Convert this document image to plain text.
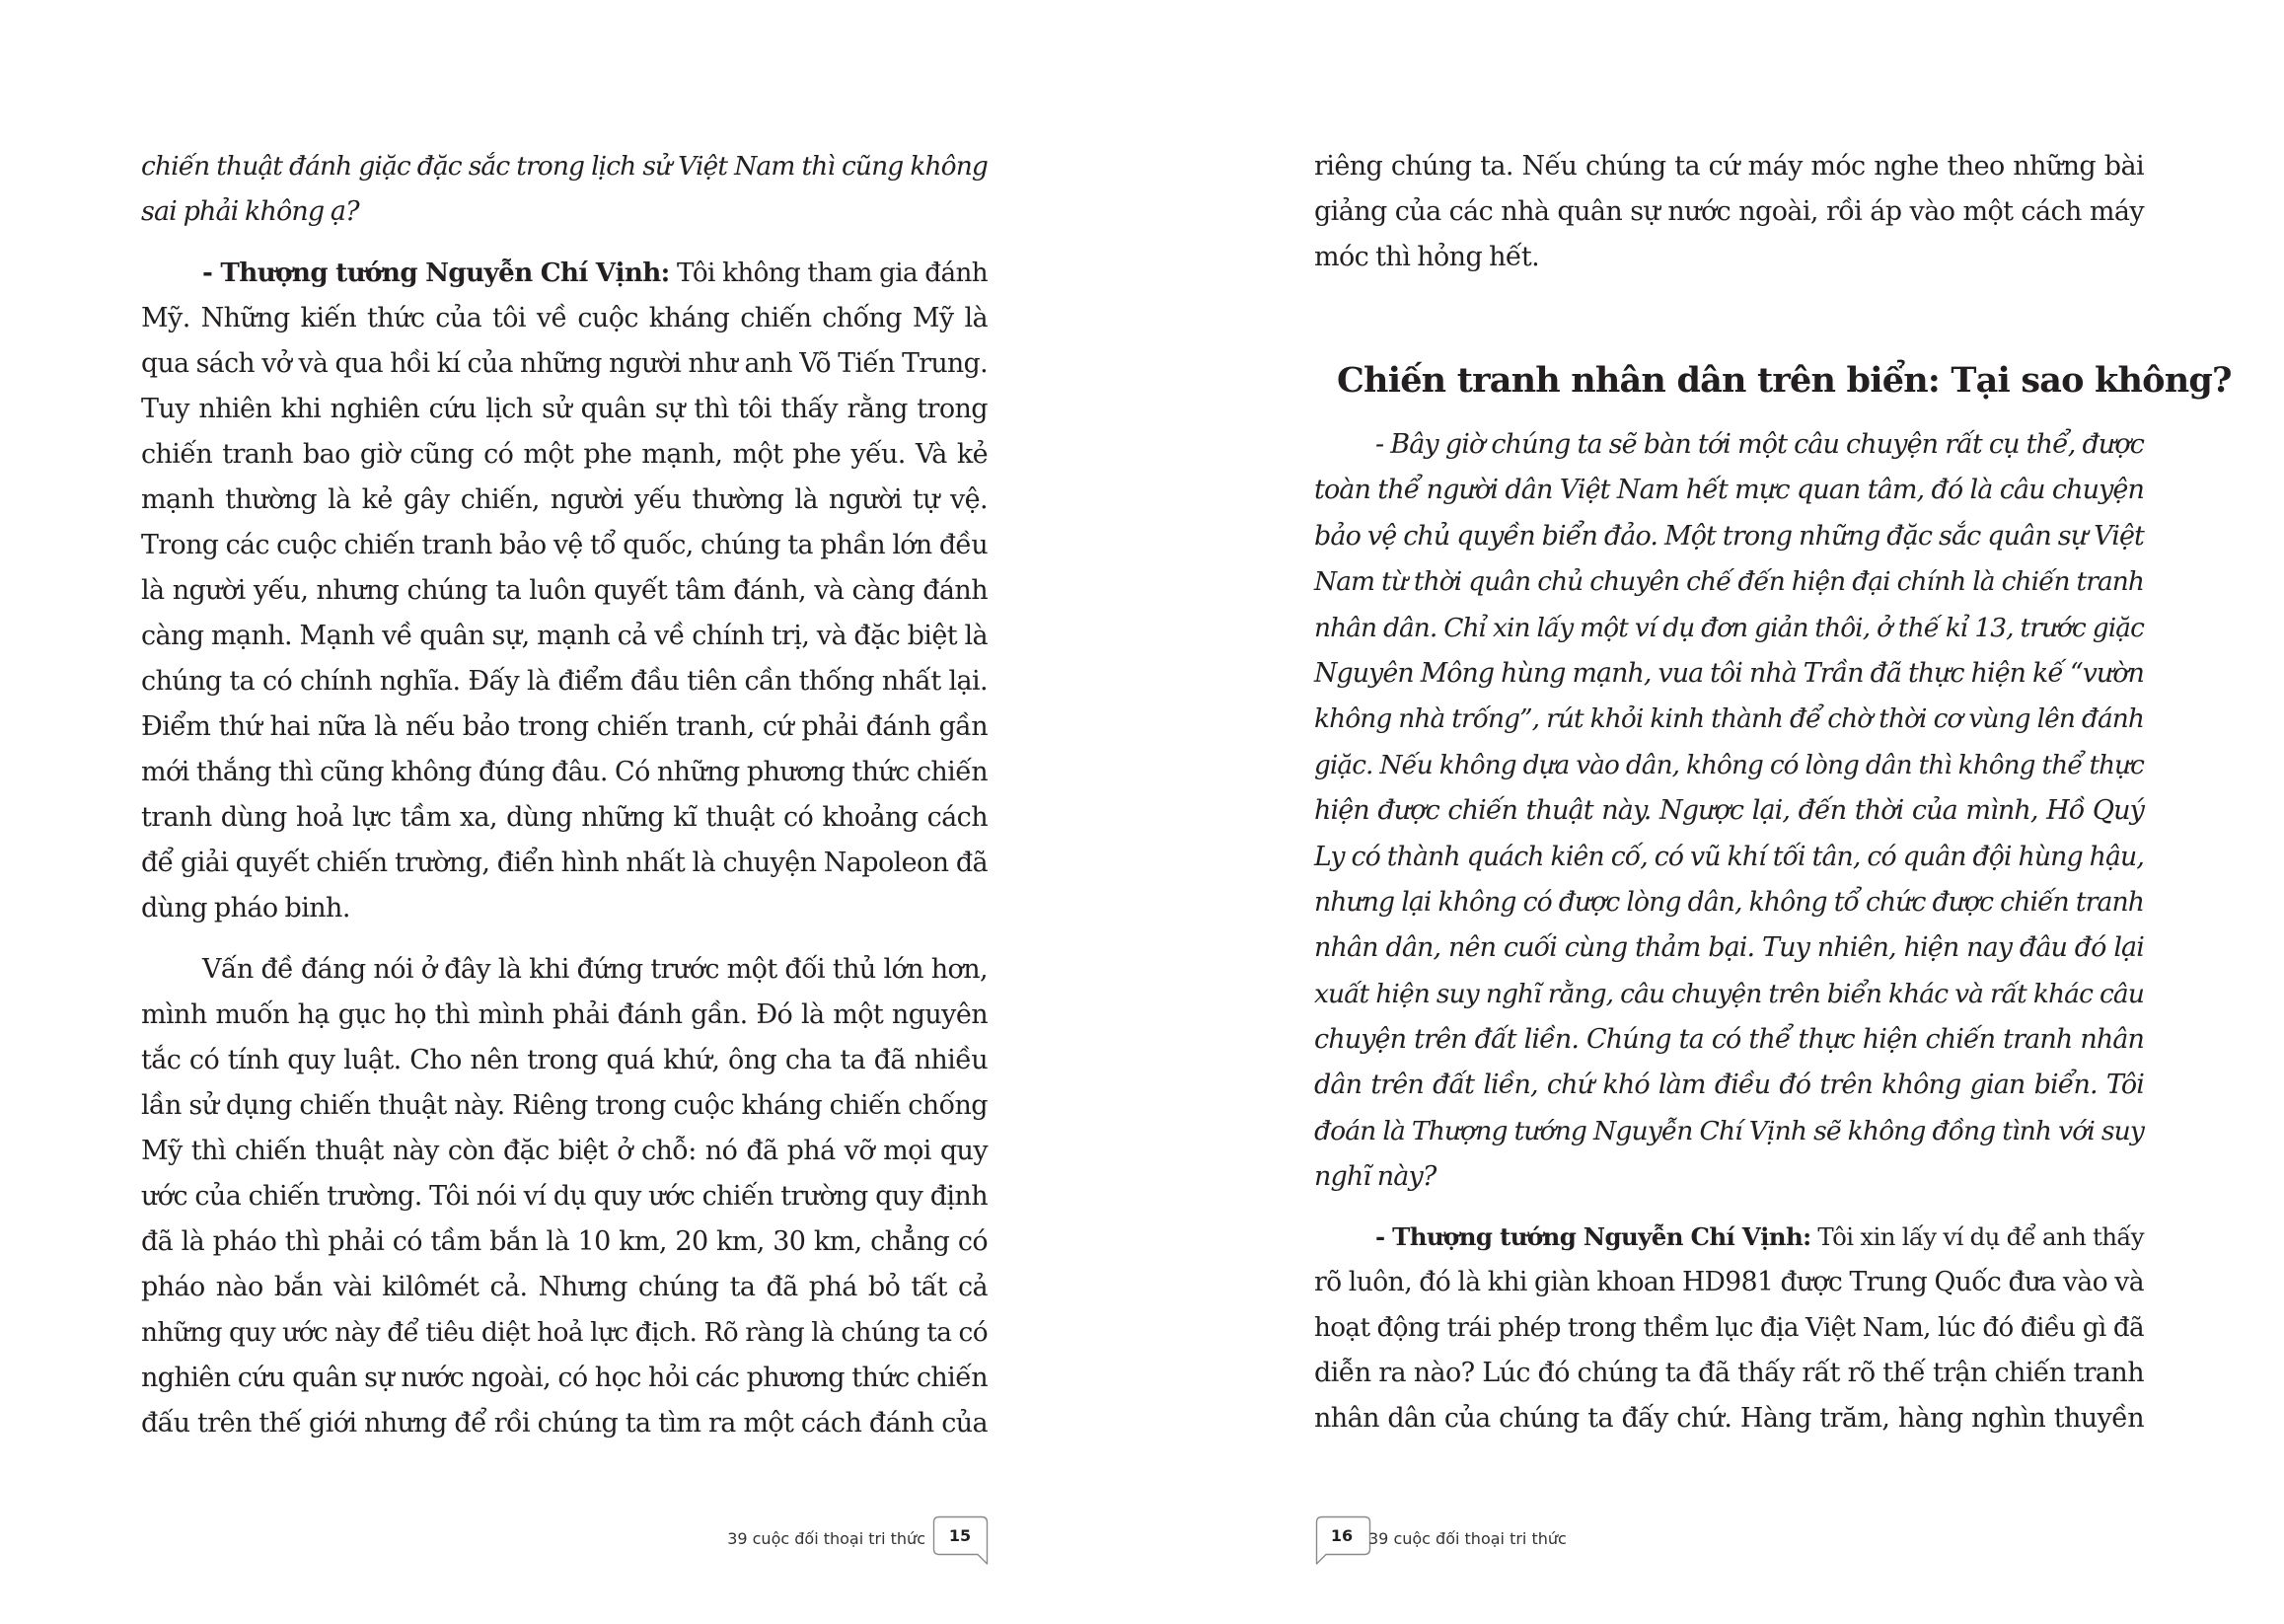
chiến thuật đánh giặc đặc sắc trong lịch sử Việt Nam thì cũng không
sai phải không ạ?
- Thượng tướng Nguyễn Chí Vịnh: Tôi không tham gia đánh
Mỹ. Những kiến thức của tôi về cuộc kháng chiến chống Mỹ là
qua sách vở và qua hồi kí của những người như anh Võ Tiến Trung.
Tuy nhiên khi nghiên cứu lịch sử quân sự thì tôi thấy rằng trong
chiến tranh bao giờ cũng có một phe mạnh, một phe yếu. Và kẻ
mạnh thường là kẻ gây chiến, người yếu thường là người tự vệ.
Trong các cuộc chiến tranh bảo vệ tổ quốc, chúng ta phần lớn đều
là người yếu, nhưng chúng ta luôn quyết tâm đánh, và càng đánh
càng mạnh. Mạnh về quân sự, mạnh cả về chính trị, và đặc biệt là
chúng ta có chính nghĩa. Đấy là điểm đầu tiên cần thống nhất lại.
Điểm thứ hai nữa là nếu bảo trong chiến tranh, cứ phải đánh gần
mới thắng thì cũng không đúng đâu. Có những phương thức chiến
tranh dùng hoả lực tầm xa, dùng những kĩ thuật có khoảng cách
để giải quyết chiến trường, điển hình nhất là chuyện Napoleon đã
dùng pháo binh.
Vấn đề đáng nói ở đây là khi đứng trước một đối thủ lớn hơn,
mình muốn hạ gục họ thì mình phải đánh gần. Đó là một nguyên
tắc có tính quy luật. Cho nên trong quá khứ, ông cha ta đã nhiều
lần sử dụng chiến thuật này. Riêng trong cuộc kháng chiến chống
Mỹ thì chiến thuật này còn đặc biệt ở chỗ: nó đã phá vỡ mọi quy
ước của chiến trường. Tôi nói ví dụ quy ước chiến trường quy định
đã là pháo thì phải có tầm bắn là 10 km, 20 km, 30 km, chẳng có
pháo nào bắn vài kilômét cả. Nhưng chúng ta đã phá bỏ tất cả
những quy ước này để tiêu diệt hoả lực địch. Rõ ràng là chúng ta có
nghiên cứu quân sự nước ngoài, có học hỏi các phương thức chiến
đấu trên thế giới nhưng để rồi chúng ta tìm ra một cách đánh của
39 cuộc đối thoại tri thức	15
riêng chúng ta. Nếu chúng ta cứ máy móc nghe theo những bài
giảng của các nhà quân sự nước ngoài, rồi áp vào một cách máy
móc thì hỏng hết.
Chiến tranh nhân dân trên biển: Tại sao không?
- Bây giờ chúng ta sẽ bàn tới một câu chuyện rất cụ thể, được
toàn thể người dân Việt Nam hết mực quan tâm, đó là câu chuyện
bảo vệ chủ quyền biển đảo. Một trong những đặc sắc quân sự Việt
Nam từ thời quân chủ chuyên chế đến hiện đại chính là chiến tranh
nhân dân. Chỉ xin lấy một ví dụ đơn giản thôi, ở thế kỉ 13, trước giặc
Nguyên Mông hùng mạnh, vua tôi nhà Trần đã thực hiện kế “vườn
không nhà trống”, rút khỏi kinh thành để chờ thời cơ vùng lên đánh
giặc. Nếu không dựa vào dân, không có lòng dân thì không thể thực
hiện được chiến thuật này. Ngược lại, đến thời của mình, Hồ Quý
Ly có thành quách kiên cố, có vũ khí tối tân, có quân đội hùng hậu,
nhưng lại không có được lòng dân, không tổ chức được chiến tranh
nhân dân, nên cuối cùng thảm bại. Tuy nhiên, hiện nay đâu đó lại
xuất hiện suy nghĩ rằng, câu chuyện trên biển khác và rất khác câu
chuyện trên đất liền. Chúng ta có thể thực hiện chiến tranh nhân
dân trên đất liền, chứ khó làm điều đó trên không gian biển. Tôi
đoán là Thượng tướng Nguyễn Chí Vịnh sẽ không đồng tình với suy
nghĩ này?
- Thượng tướng Nguyễn Chí Vịnh: Tôi xin lấy ví dụ để anh thấy
rõ luôn, đó là khi giàn khoan HD981 được Trung Quốc đưa vào và
hoạt động trái phép trong thềm lục địa Việt Nam, lúc đó điều gì đã
diễn ra nào? Lúc đó chúng ta đã thấy rất rõ thế trận chiến tranh
nhân dân của chúng ta đấy chứ. Hàng trăm, hàng nghìn thuyền
16 39 cuộc đối thoại tri thức
